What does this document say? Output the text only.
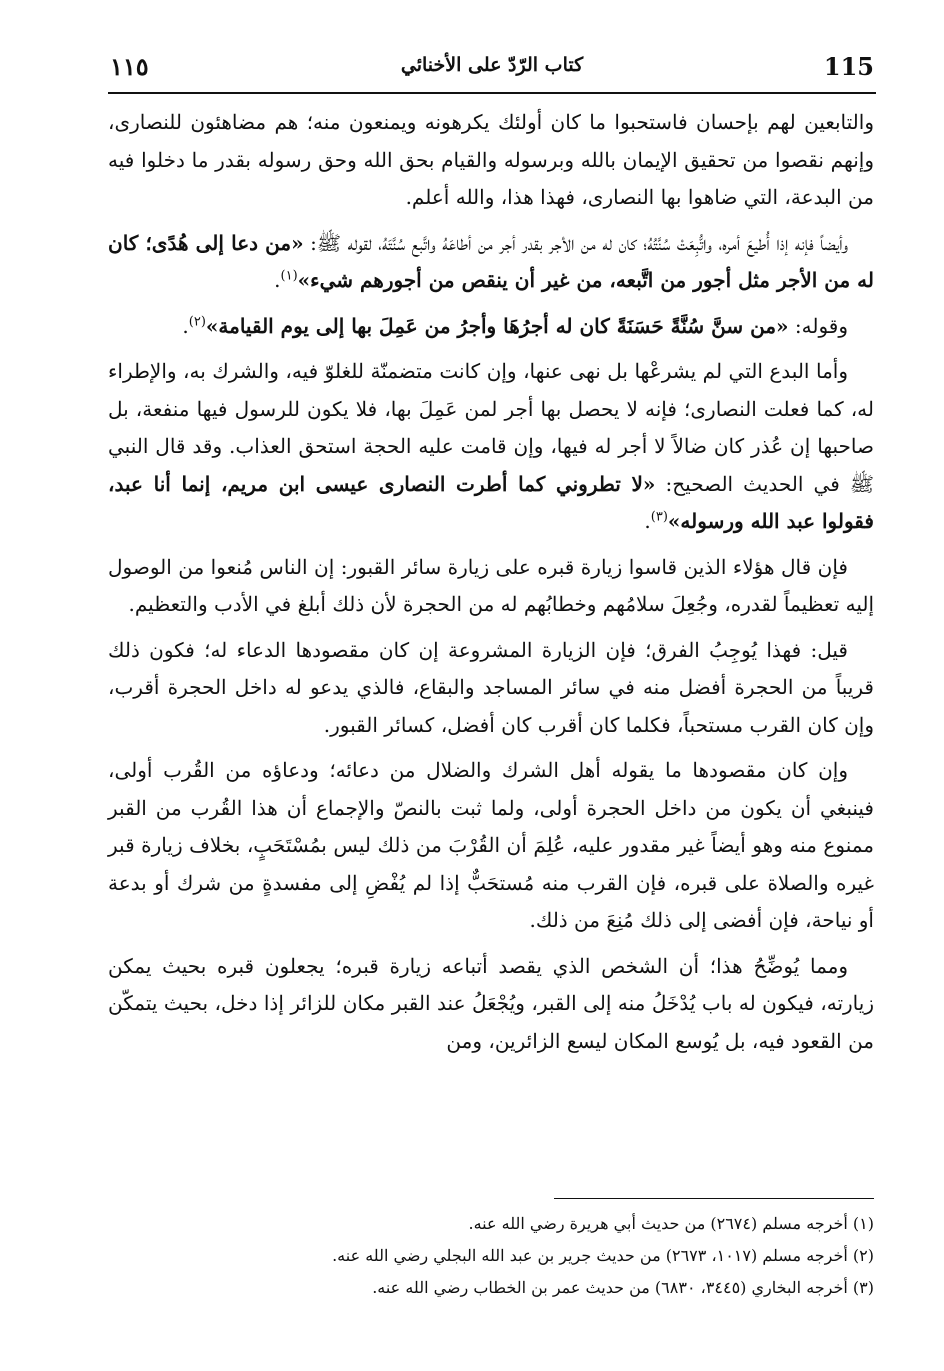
115
كتاب الرّدّ على الأخنائي
١١٥

والتابعين لهم بإحسان فاستحبوا ما كان أولئك يكرهونه ويمنعون منه؛ هم مضاهئون للنصارى، وإنهم نقصوا من تحقيق الإيمان بالله وبرسوله والقيام بحق الله وحق رسوله بقدر ما دخلوا فيه من البدعة، التي ضاهوا بها النصارى، فهذا هذا، والله أعلم.

وأيضاً فإنه إذا أُطيعَ أمره، واتُّبِعَتْ سُنَّتُهُ؛ كان له من الأجر بقدر أجر من أطاعَهُ واتَّبع سُنَّتَهُ، لقوله ﷺ: «من دعا إلى هُدًى؛ كان له من الأجر مثل أجور من اتَّبعه، من غير أن ينقص من أجورهم شيء»$^{(١)}$.

وقوله: «من سنَّ سُنَّةً حَسَنَةً كان له أجرُهَا وأجرُ من عَمِلَ بها إلى يوم القيامة»$^{(٢)}$.

وأما البدع التي لم يشرعْها بل نهى عنها، وإن كانت متضمنّة للغلوّ فيه، والشرك به، والإطراء له، كما فعلت النصارى؛ فإنه لا يحصل بها أجر لمن عَمِلَ بها، فلا يكون للرسول فيها منفعة، بل صاحبها إن عُذر كان ضالاً لا أجر له فيها، وإن قامت عليه الحجة استحق العذاب. وقد قال النبي ﷺ في الحديث الصحيح: «لا تطروني كما أطرت النصارى عيسى ابن مريم، إنما أنا عبد، فقولوا عبد الله ورسوله»$^{(٣)}$.

فإن قال هؤلاء الذين قاسوا زيارة قبره على زيارة سائر القبور: إن الناس مُنعوا من الوصول إليه تعظيماً لقدره، وجُعِلَ سلامُهم وخطابُهم له من الحجرة لأن ذلك أبلغ في الأدب والتعظيم.

قيل: فهذا يُوجِبُ الفرق؛ فإن الزيارة المشروعة إن كان مقصودها الدعاء له؛ فكون ذلك قريباً من الحجرة أفضل منه في سائر المساجد والبقاع، فالذي يدعو له داخل الحجرة أقرب، وإن كان القرب مستحباً، فكلما كان أقرب كان أفضل، كسائر القبور.

وإن كان مقصودها ما يقوله أهل الشرك والضلال من دعائه؛ ودعاؤه من القُرب أولى، فينبغي أن يكون من داخل الحجرة أولى، ولما ثبت بالنصّ والإجماع أن هذا القُرب من القبر ممنوع منه وهو أيضاً غير مقدور عليه، عُلِمَ أن القُرْبَ من ذلك ليس بمُسْتَحَبٍ، بخلاف زيارة قبر غيره والصلاة على قبره، فإن القرب منه مُستحَبٌّ إذا لم يُفْضِ إلى مفسدةٍ من شرك أو بدعة أو نياحة، فإن أفضى إلى ذلك مُنِعَ من ذلك.

ومما يُوضِّحُ هذا؛ أن الشخص الذي يقصد أتباعه زيارة قبره؛ يجعلون قبره بحيث يمكن زيارته، فيكون له باب يُدْخَلُ منه إلى القبر، ويُجْعَلُ عند القبر مكان للزائر إذا دخل، بحيث يتمكّن من القعود فيه، بل يُوسع المكان ليسع الزائرين، ومن

(١) أخرجه مسلم (٢٦٧٤) من حديث أبي هريرة رضي الله عنه.
(٢) أخرجه مسلم (١٠١٧، ٢٦٧٣) من حديث جرير بن عبد الله البجلي رضي الله عنه.
(٣) أخرجه البخاري (٣٤٤٥، ٦٨٣٠) من حديث عمر بن الخطاب رضي الله عنه.
